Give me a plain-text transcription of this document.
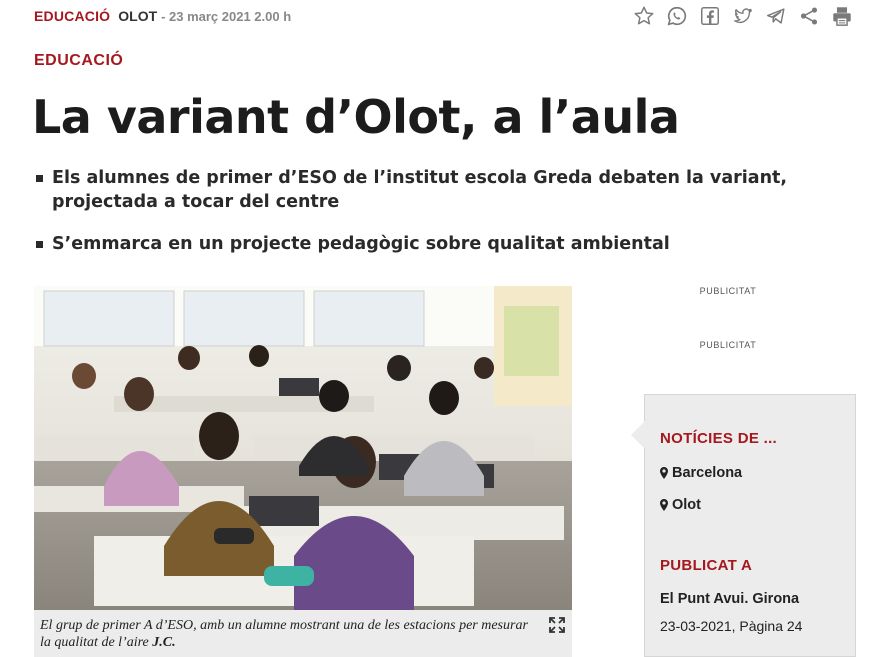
EDUCACIÓ OLOT - 23 març 2021 2.00 h
EDUCACIÓ
La variant d’Olot, a l’aula
Els alumnes de primer d’ESO de l’institut escola Greda debaten la variant, projectada a tocar del centre
S’emmarca en un projecte pedagògic sobre qualitat ambiental
El grup de primer A d’ESO, amb un alumne mostrant una de les estacions per mesurar la qualitat de l’aire J.C.
PUBLICITAT
PUBLICITAT
NOTÍCIES DE ...
Barcelona
Olot
PUBLICAT A
El Punt Avui. Girona
23-03-2021, Pàgina 24
